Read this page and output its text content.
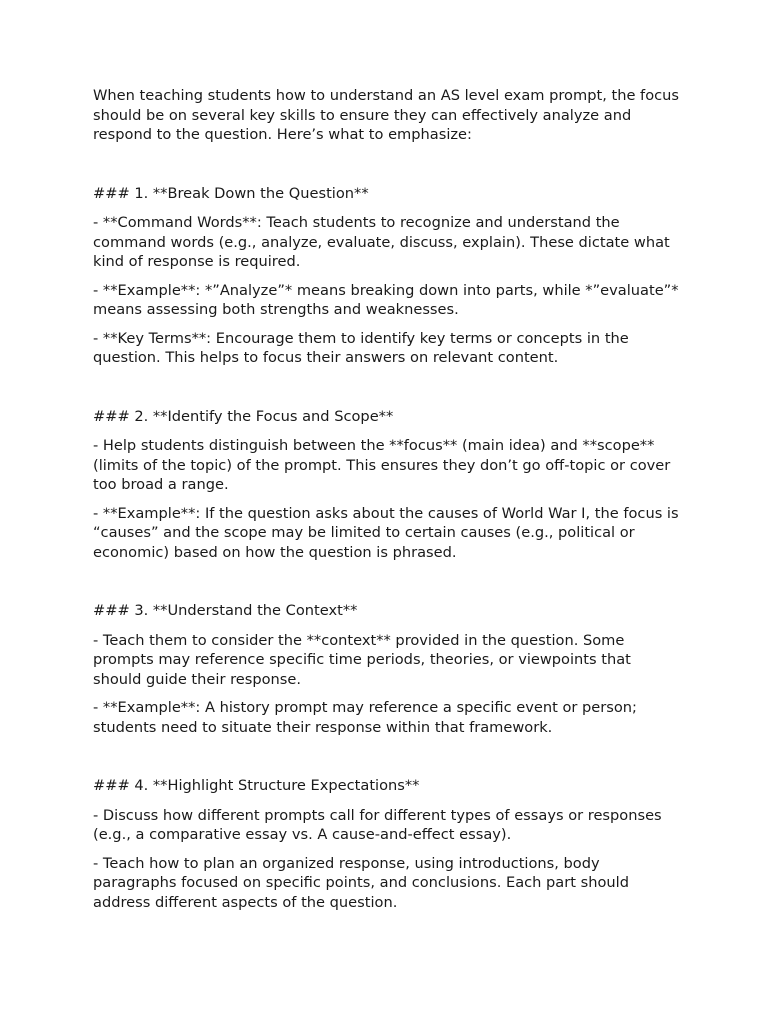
When teaching students how to understand an AS level exam prompt, the focus should be on several key skills to ensure they can effectively analyze and respond to the question. Here’s what to emphasize:

### 1. **Break Down the Question**

- **Command Words**: Teach students to recognize and understand the command words (e.g., analyze, evaluate, discuss, explain). These dictate what kind of response is required.

- **Example**: *”Analyze”* means breaking down into parts, while *”evaluate”* means assessing both strengths and weaknesses.

- **Key Terms**: Encourage them to identify key terms or concepts in the question. This helps to focus their answers on relevant content.

### 2. **Identify the Focus and Scope**

- Help students distinguish between the **focus** (main idea) and **scope** (limits of the topic) of the prompt. This ensures they don’t go off-topic or cover too broad a range.

- **Example**: If the question asks about the causes of World War I, the focus is “causes” and the scope may be limited to certain causes (e.g., political or economic) based on how the question is phrased.

### 3. **Understand the Context**

- Teach them to consider the **context** provided in the question. Some prompts may reference specific time periods, theories, or viewpoints that should guide their response.

- **Example**: A history prompt may reference a specific event or person; students need to situate their response within that framework.

### 4. **Highlight Structure Expectations**

- Discuss how different prompts call for different types of essays or responses (e.g., a comparative essay vs. A cause-and-effect essay).

- Teach how to plan an organized response, using introductions, body paragraphs focused on specific points, and conclusions. Each part should address different aspects of the question.
